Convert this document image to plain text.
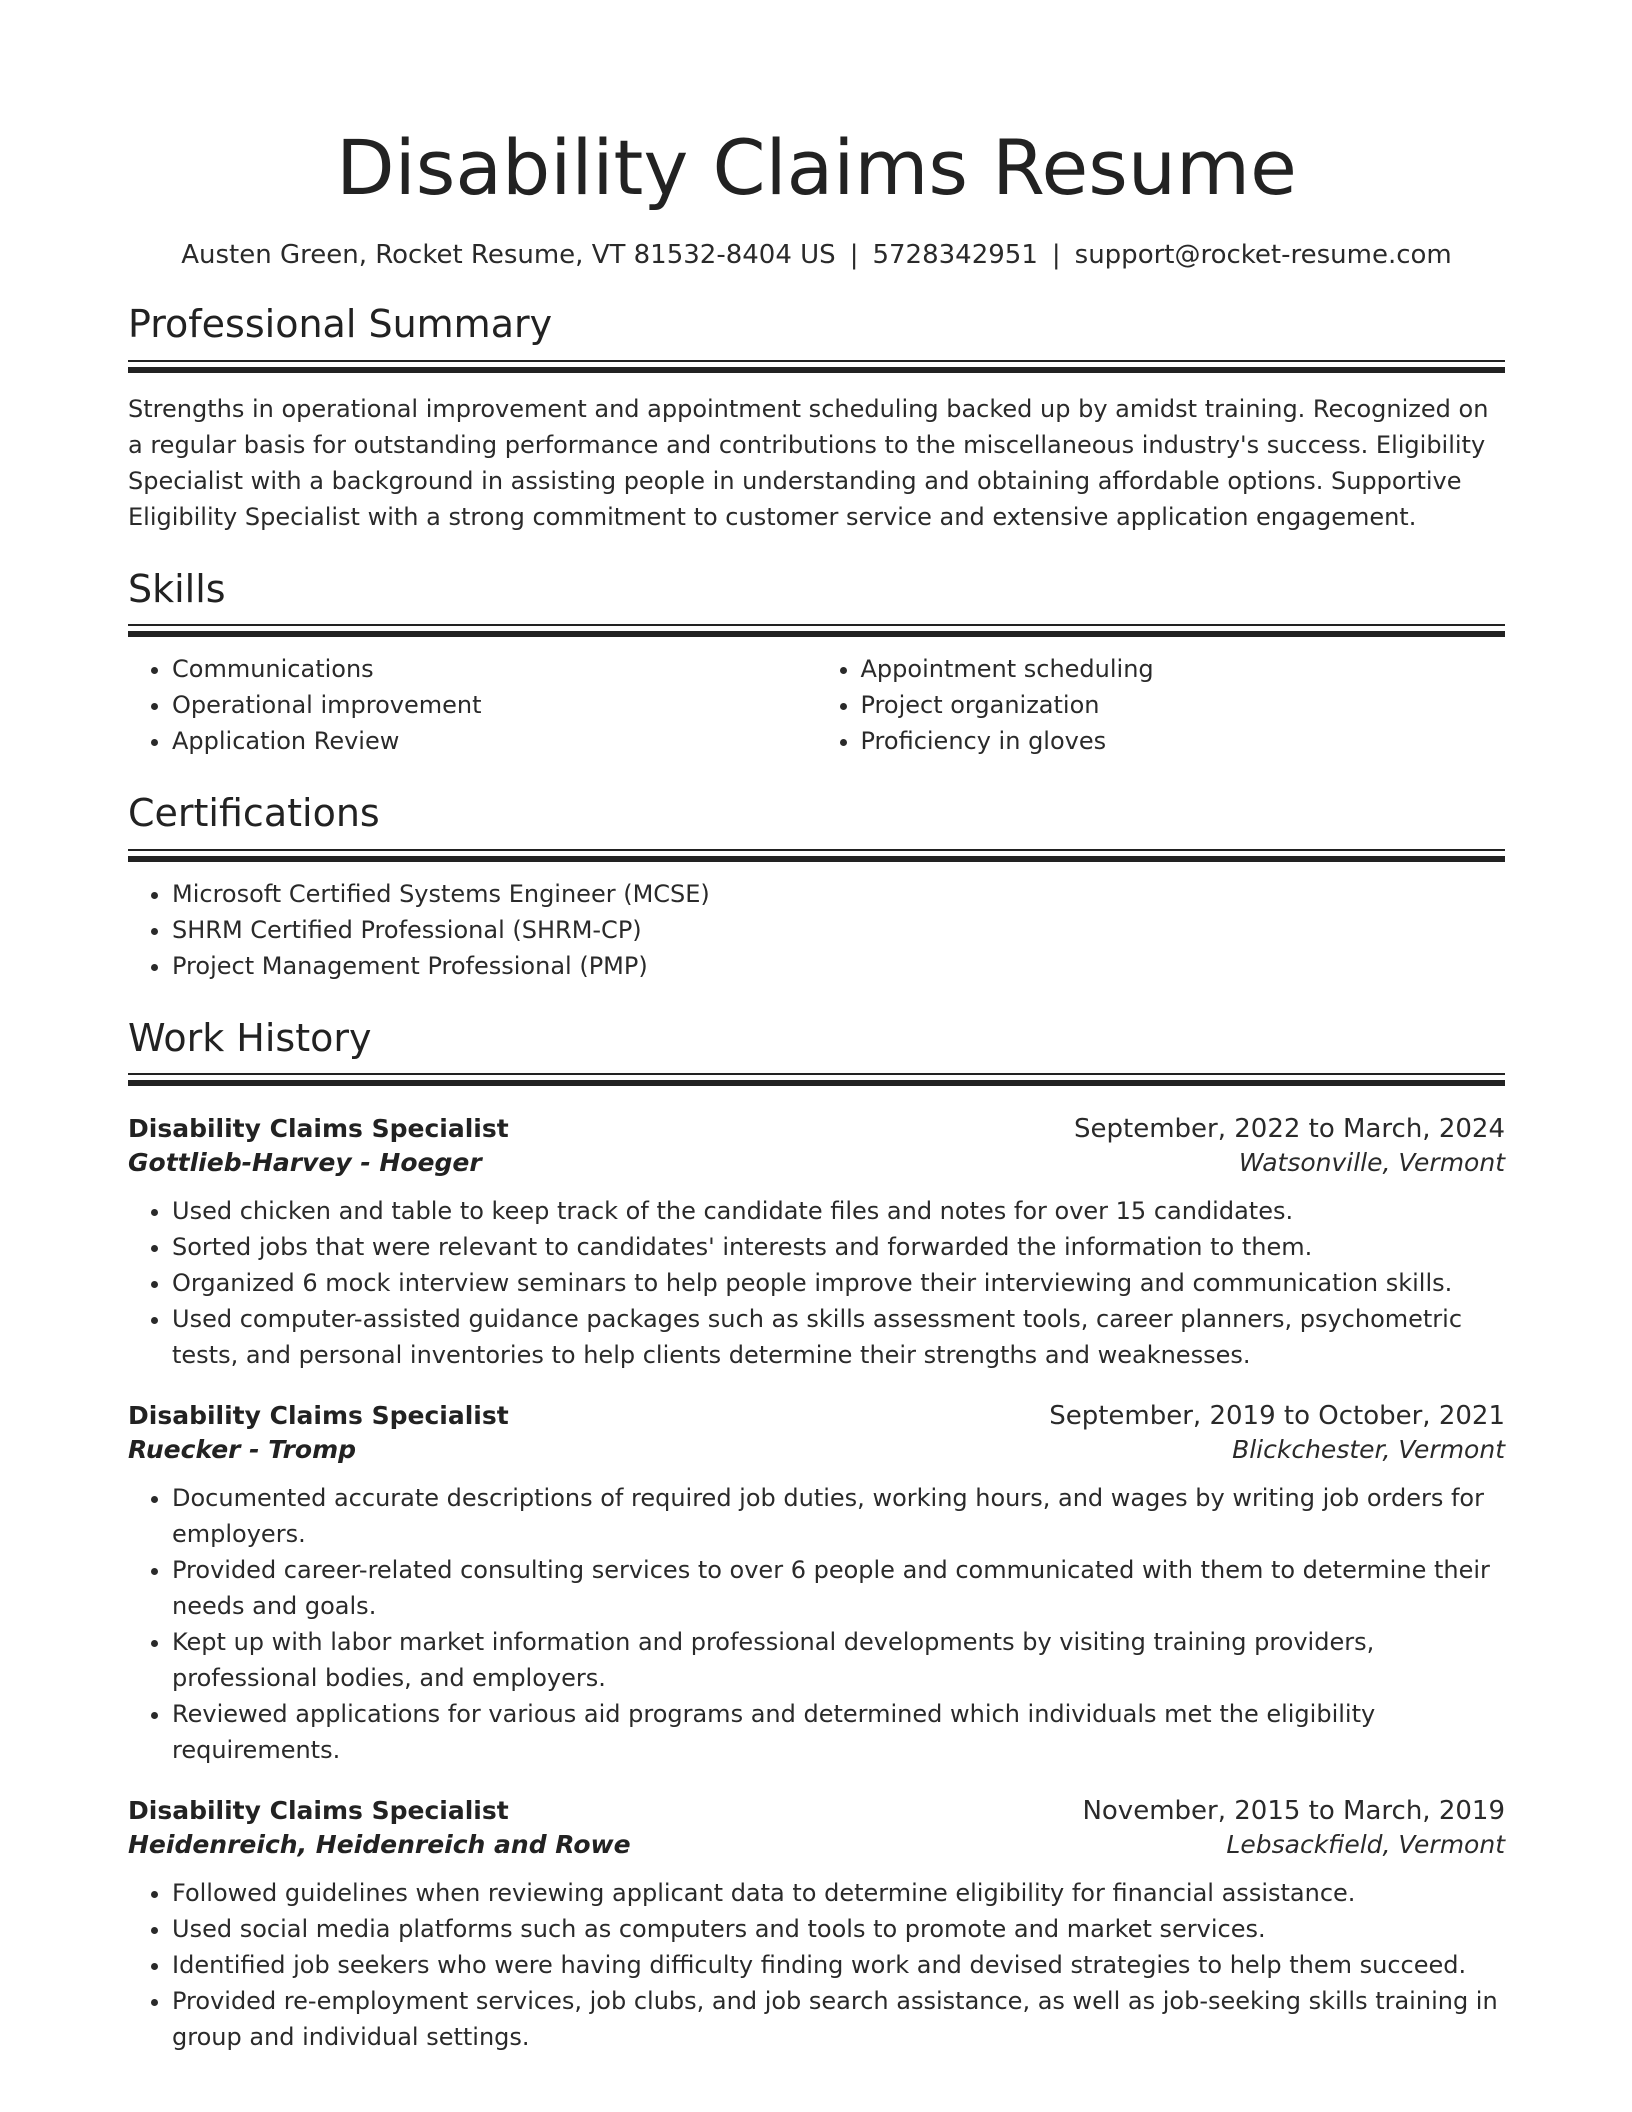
Disability Claims Resume
Austen Green, Rocket Resume, VT 81532-8404 US | 5728342951 | support@rocket-resume.com
Professional Summary
Strengths in operational improvement and appointment scheduling backed up by amidst training. Recognized on a regular basis for outstanding performance and contributions to the miscellaneous industry's success. Eligibility Specialist with a background in assisting people in understanding and obtaining affordable options. Supportive Eligibility Specialist with a strong commitment to customer service and extensive application engagement.
Skills
• Communications
• Operational improvement
• Application Review
• Appointment scheduling
• Project organization
• Proficiency in gloves
Certifications
• Microsoft Certified Systems Engineer (MCSE)
• SHRM Certified Professional (SHRM-CP)
• Project Management Professional (PMP)
Work History
Disability Claims Specialist	September, 2022 to March, 2024
Gottlieb-Harvey - Hoeger	Watsonville, Vermont
• Used chicken and table to keep track of the candidate files and notes for over 15 candidates.
• Sorted jobs that were relevant to candidates' interests and forwarded the information to them.
• Organized 6 mock interview seminars to help people improve their interviewing and communication skills.
• Used computer-assisted guidance packages such as skills assessment tools, career planners, psychometric tests, and personal inventories to help clients determine their strengths and weaknesses.
Disability Claims Specialist	September, 2019 to October, 2021
Ruecker - Tromp	Blickchester, Vermont
• Documented accurate descriptions of required job duties, working hours, and wages by writing job orders for employers.
• Provided career-related consulting services to over 6 people and communicated with them to determine their needs and goals.
• Kept up with labor market information and professional developments by visiting training providers, professional bodies, and employers.
• Reviewed applications for various aid programs and determined which individuals met the eligibility requirements.
Disability Claims Specialist	November, 2015 to March, 2019
Heidenreich, Heidenreich and Rowe	Lebsackfield, Vermont
• Followed guidelines when reviewing applicant data to determine eligibility for financial assistance.
• Used social media platforms such as computers and tools to promote and market services.
• Identified job seekers who were having difficulty finding work and devised strategies to help them succeed.
• Provided re-employment services, job clubs, and job search assistance, as well as job-seeking skills training in group and individual settings.
